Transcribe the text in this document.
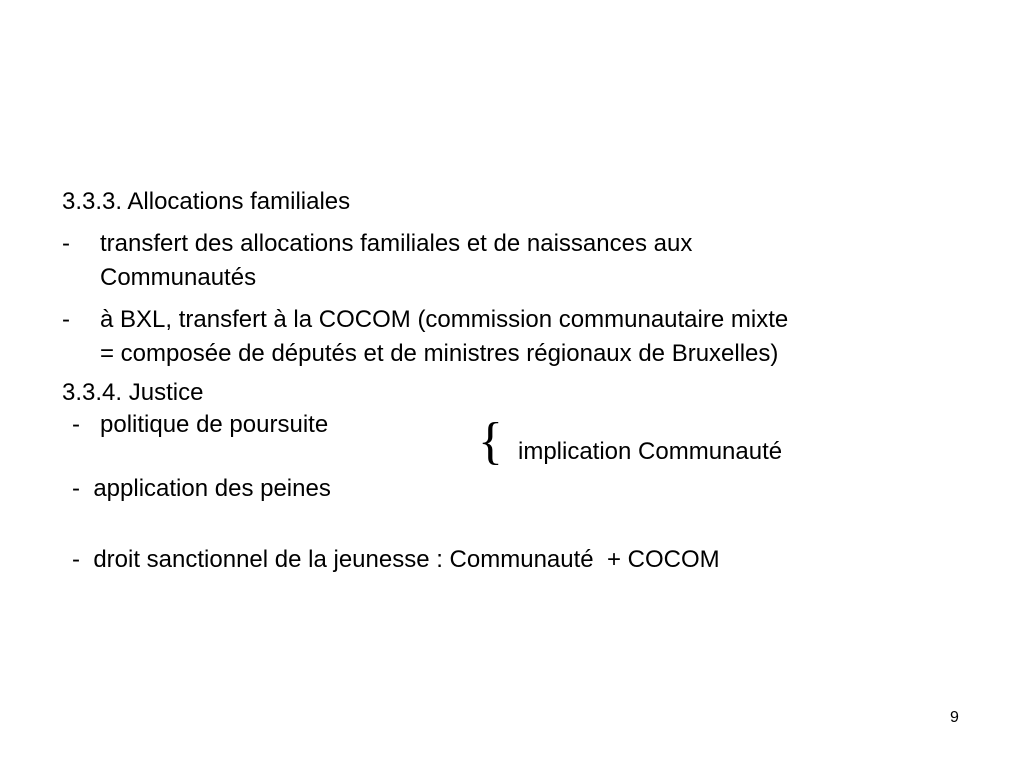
3.3.3. Allocations familiales
- transfert des allocations familiales et de naissances aux
Communautés
- à BXL, transfert à la COCOM (commission communautaire mixte
= composée de députés et de ministres régionaux de Bruxelles)
3.3.4. Justice
-   politique de poursuite
-  application des peines
-  droit sanctionnel de la jeunesse : Communauté  + COCOM
{ implication Communauté
9
